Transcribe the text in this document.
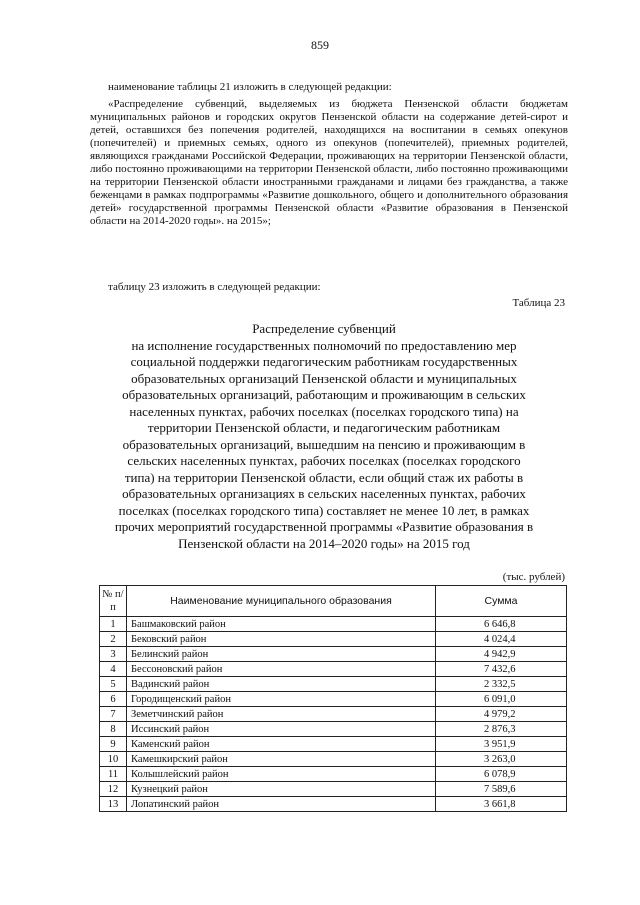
859

наименование таблицы 21 изложить в следующей редакции:

«Распределение субвенций, выделяемых из бюджета Пензенской области бюджетам муниципальных районов и городских округов Пензенской области на содержание детей-сирот и детей, оставшихся без попечения родителей, находящихся на воспитании в семьях опекунов (попечителей) и приемных семьях, одного из опекунов (попечителей), приемных родителей, являющихся гражданами Российской Федерации, проживающих на территории Пензенской области, либо постоянно проживающими на территории Пензенской области, либо постоянно проживающими на территории Пензенской области иностранными гражданами и лицами без гражданства, а также беженцами в рамках подпрограммы «Развитие дошкольного, общего и дополнительного образования детей» государственной программы Пензенской области «Развитие образования в Пензенской области на 2014-2020 годы». на 2015»;

таблицу 23 изложить в следующей редакции:

Таблица 23
Распределение субвенций
на исполнение государственных полномочий по предоставлению мер
социальной поддержки педагогическим работникам государственных
образовательных организаций Пензенской области и муниципальных
образовательных организаций, работающим и проживающим в сельских
населенных пунктах, рабочих поселках (поселках городского типа) на
территории Пензенской области, и педагогическим работникам
образовательных организаций, вышедшим на пенсию и проживающим в
сельских населенных пунктах, рабочих поселках (поселках городского
типа) на территории Пензенской области, если общий стаж их работы в
образовательных организациях в сельских населенных пунктах, рабочих
поселках (поселках городского типа) составляет не менее 10 лет, в рамках
прочих мероприятий государственной программы «Развитие образования в
Пензенской области на 2014–2020 годы» на 2015 год
(тыс. рублей)
№ п/п	Наименование муниципального образования	Сумма
1	Башмаковский район	6 646,8
2	Бековский район	4 024,4
3	Белинский район	4 942,9
4	Бессоновский район	7 432,6
5	Вадинский район	2 332,5
6	Городищенский район	6 091,0
7	Земетчинский район	4 979,2
8	Иссинский район	2 876,3
9	Каменский район	3 951,9
10	Камешкирский район	3 263,0
11	Колышлейский район	6 078,9
12	Кузнецкий район	7 589,6
13	Лопатинский район	3 661,8
